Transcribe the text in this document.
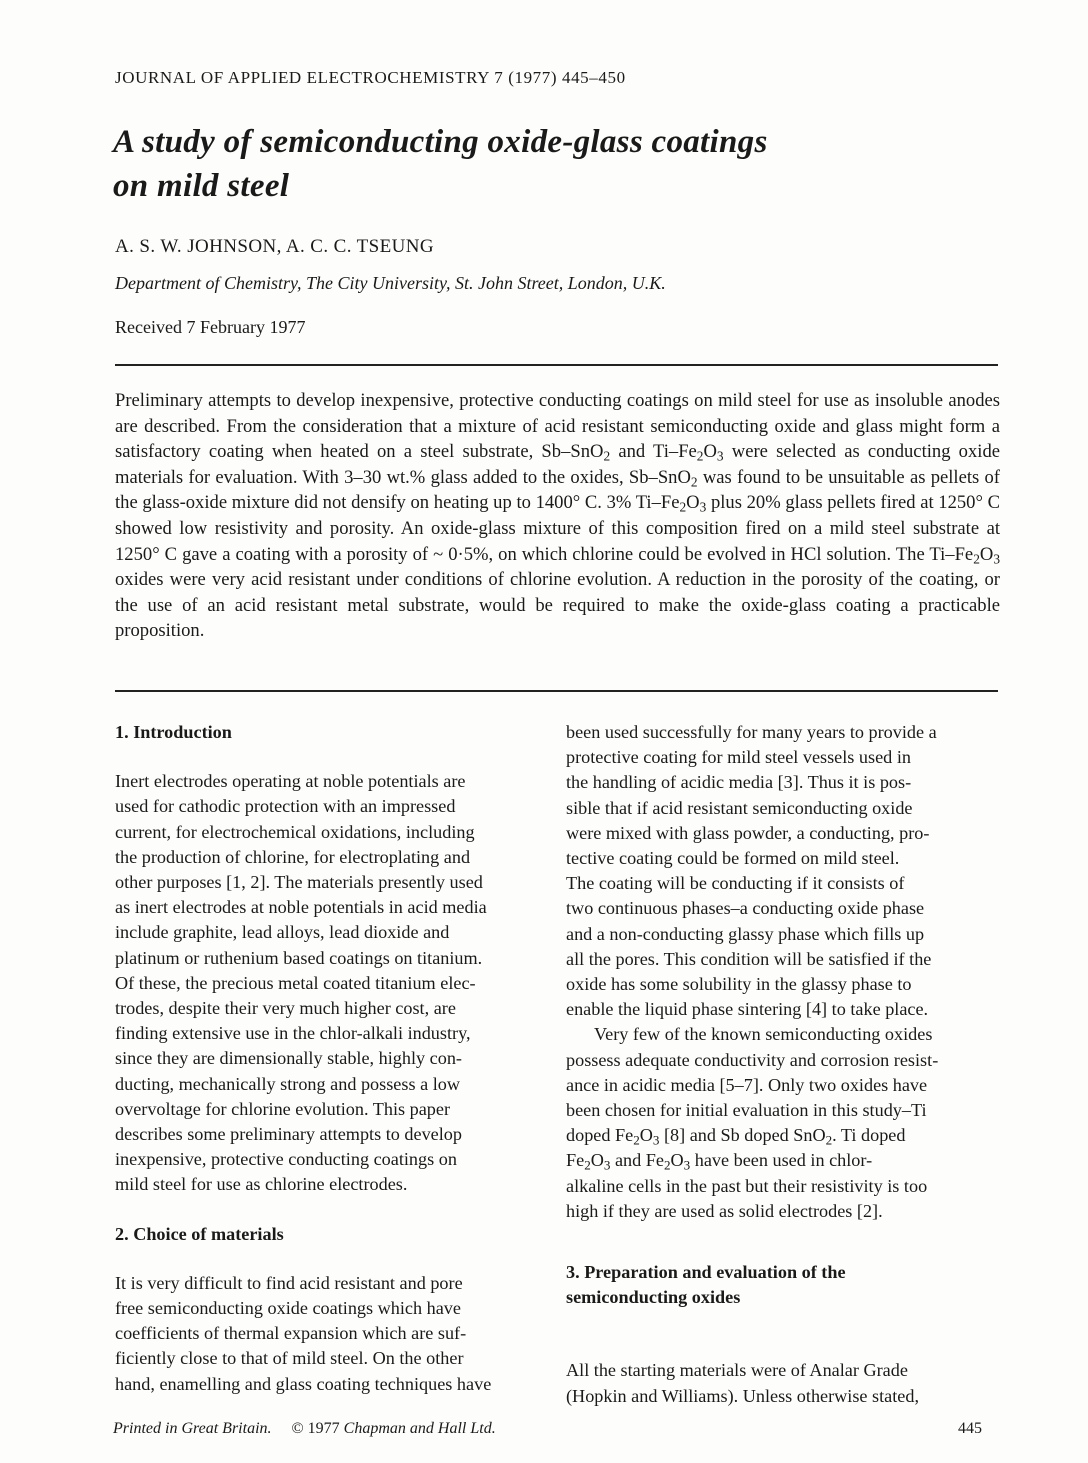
JOURNAL OF APPLIED ELECTROCHEMISTRY 7 (1977) 445–450
A study of semiconducting oxide-glass coatings
on mild steel
A. S. W. JOHNSON, A. C. C. TSEUNG
Department of Chemistry, The City University, St. John Street, London, U.K.
Received 7 February 1977
Preliminary attempts to develop inexpensive, protective conducting coatings on mild steel for use as insoluble anodes are described. From the consideration that a mixture of acid resistant semiconducting oxide and glass might form a satisfactory coating when heated on a steel substrate, Sb–SnO$_2$ and $Ti-Fe_2O_3$ were selected as conducting oxide materials for evaluation. With 3–30 wt.% glass added to the oxides, Sb–SnO$_2$ was found to be unsuitable as pellets of the glass-oxide mixture did not densify on heating up to 1400° C. 3% $Ti-Fe_2O_3$ plus 20% glass pellets fired at 1250° C showed low resistivity and porosity. An oxide-glass mixture of this composition fired on a mild steel substrate at 1250° C gave a coating with a porosity of ~ 0·5%, on which chlorine could be evolved in HCl solution. The $Ti-Fe_2O_3$ oxides were very acid resistant under conditions of chlorine evolution. A reduction in the porosity of the coating, or the use of an acid resistant metal substrate, would be required to make the oxide-glass coating a practicable proposition.
1. Introduction
Inert electrodes operating at noble potentials are
used for cathodic protection with an impressed
current, for electrochemical oxidations, including
the production of chlorine, for electroplating and
other purposes [1, 2]. The materials presently used
as inert electrodes at noble potentials in acid media
include graphite, lead alloys, lead dioxide and
platinum or ruthenium based coatings on titanium.
Of these, the precious metal coated titanium elec-
trodes, despite their very much higher cost, are
finding extensive use in the chlor-alkali industry,
since they are dimensionally stable, highly con-
ducting, mechanically strong and possess a low
overvoltage for chlorine evolution. This paper
describes some preliminary attempts to develop
inexpensive, protective conducting coatings on
mild steel for use as chlorine electrodes.
2. Choice of materials
It is very difficult to find acid resistant and pore
free semiconducting oxide coatings which have
coefficients of thermal expansion which are suf-
ficiently close to that of mild steel. On the other
hand, enamelling and glass coating techniques have
been used successfully for many years to provide a
protective coating for mild steel vessels used in
the handling of acidic media [3]. Thus it is pos-
sible that if acid resistant semiconducting oxide
were mixed with glass powder, a conducting, pro-
tective coating could be formed on mild steel.
The coating will be conducting if it consists of
two continuous phases–a conducting oxide phase
and a non-conducting glassy phase which fills up
all the pores. This condition will be satisfied if the
oxide has some solubility in the glassy phase to
enable the liquid phase sintering [4] to take place.
Very few of the known semiconducting oxides
possess adequate conductivity and corrosion resist-
ance in acidic media [5–7]. Only two oxides have
been chosen for initial evaluation in this study–Ti
doped $Fe_2O_3$ [8] and Sb doped SnO$_2$. Ti doped
$Fe_2O_3$ and $Fe_2O_3$ have been used in chlor-
alkaline cells in the past but their resistivity is too
high if they are used as solid electrodes [2].
3. Preparation and evaluation of the
semiconducting oxides
All the starting materials were of Analar Grade
(Hopkin and Williams). Unless otherwise stated,
Printed in Great Britain. © 1977 Chapman and Hall Ltd.	445
